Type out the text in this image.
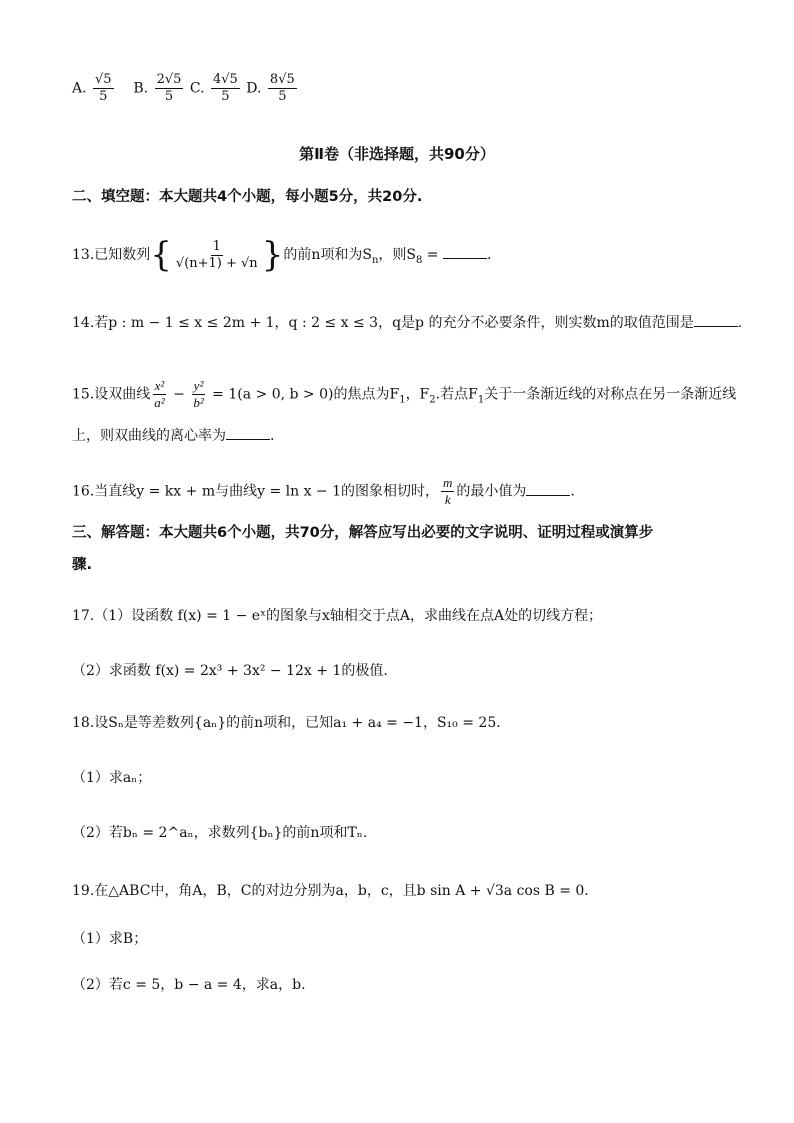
A. $\frac{√5}{5} B$. $\frac{2√5}{5} C$. $\frac{4√5}{5} D$. $\frac{8√5}{5}$
第Ⅱ卷（非选择题，共90分）
二、填空题：本大题共4个小题，每小题5分，共20分.
13.已知数列{ $\frac{1}{√(n+1) + √n}$ }的前n项和为$S_n$，则$S_8$ =	.
14.若p : m − 1 ≤ x ≤ 2m + 1，q : 2 ≤ x ≤ 3，q是p 的充分不必要条件，则实数m的取值范围是	.
15.设双曲线 $\frac{\text{x²}}{\text{a²}} - \frac{\text{y²}}{\text{b²}} = 1(a > 0$, b > 0)的焦点为$F_1$，$F_2$.若点$F_1$关于一条渐近线的对称点在另一条渐近线
上，则双曲线的离心率为	.
16.当直线y = kx + m与曲线y = ln x − 1的图象相切时， $\frac{m}{k}$ 的最小值为	.
三、解答题：本大题共6个小题，共70分，解答应写出必要的文字说明、证明过程或演算步
骤.
17.（1）设函数 f(x) = 1 − eˣ的图象与x轴相交于点A，求曲线在点A处的切线方程；
（2）求函数 f(x) = 2x³ + 3x² − 12x + 1的极值.
18.设Sₙ是等差数列{aₙ}的前n项和，已知a₁ + a₄ = −1，S₁₀ = 25.
（1）求aₙ；
（2）若bₙ = 2^aₙ，求数列{bₙ}的前n项和Tₙ.
19.在△ABC中，角A，B，C的对边分别为a，b，c，且b sin A + √3a cos B = 0.
（1）求B；
（2）若c = 5，b − a = 4，求a，b.
